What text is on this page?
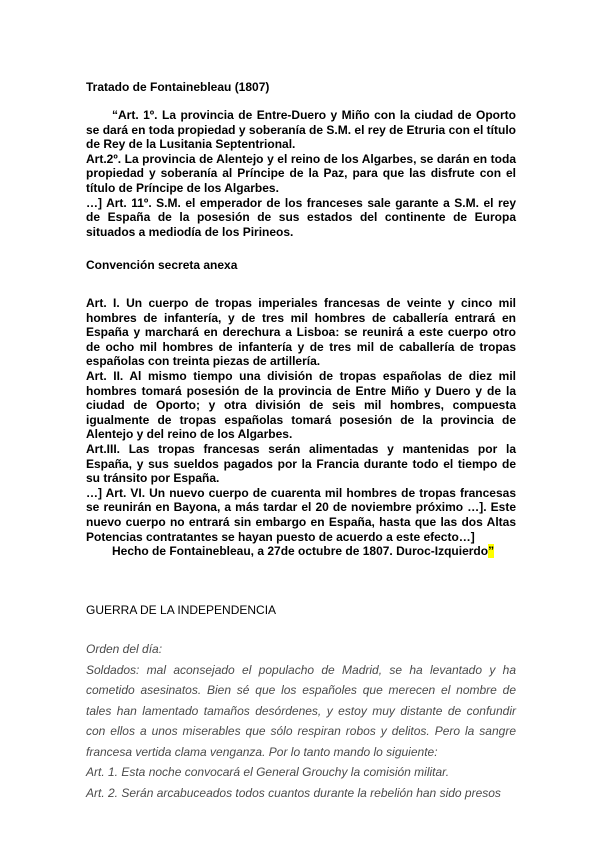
Tratado de Fontainebleau (1807)

“Art. 1º. La provincia de Entre-Duero y Miño con la ciudad de Oporto se dará en toda propiedad y soberanía de S.M. el rey de Etruria con el título de Rey de la Lusitania Septentrional.

Art.2º. La provincia de Alentejo y el reino de los Algarbes, se darán en toda propiedad y soberanía al Príncipe de la Paz, para que las disfrute con el título de Príncipe de los Algarbes.

…] Art. 11º. S.M. el emperador de los franceses sale garante a S.M. el rey de España de la posesión de sus estados del continente de Europa situados a mediodía de los Pirineos.

Convención secreta anexa

Art. I. Un cuerpo de tropas imperiales francesas de veinte y cinco mil hombres de infantería, y de tres mil hombres de caballería entrará en España y marchará en derechura a Lisboa: se reunirá a este cuerpo otro de ocho mil hombres de infantería y de tres mil de caballería de tropas españolas con treinta piezas de artillería.

Art. II. Al mismo tiempo una división de tropas españolas de diez mil hombres tomará posesión de la provincia de Entre Miño y Duero y de la ciudad de Oporto; y otra división de seis mil hombres, compuesta igualmente de tropas españolas tomará posesión de la provincia de Alentejo y del reino de los Algarbes.

Art.III. Las tropas francesas serán alimentadas y mantenidas por la España, y sus sueldos pagados por la Francia durante todo el tiempo de su tránsito por España.

…] Art. VI. Un nuevo cuerpo de cuarenta mil hombres de tropas francesas se reunirán en Bayona, a más tardar el 20 de noviembre próximo …]. Este nuevo cuerpo no entrará sin embargo en España, hasta que las dos Altas Potencias contratantes se hayan puesto de acuerdo a este efecto…]

Hecho de Fontainebleau, a 27de octubre de 1807. Duroc-Izquierdo”

GUERRA DE LA INDEPENDENCIA

Orden del día:

Soldados: mal aconsejado el populacho de Madrid, se ha levantado y ha cometido asesinatos. Bien sé que los españoles que merecen el nombre de tales han lamentado tamaños desórdenes, y estoy muy distante de confundir con ellos a unos miserables que sólo respiran robos y delitos. Pero la sangre francesa vertida clama venganza. Por lo tanto mando lo siguiente:

Art. 1. Esta noche convocará el General Grouchy la comisión militar.

Art. 2. Serán arcabuceados todos cuantos durante la rebelión han sido presos
